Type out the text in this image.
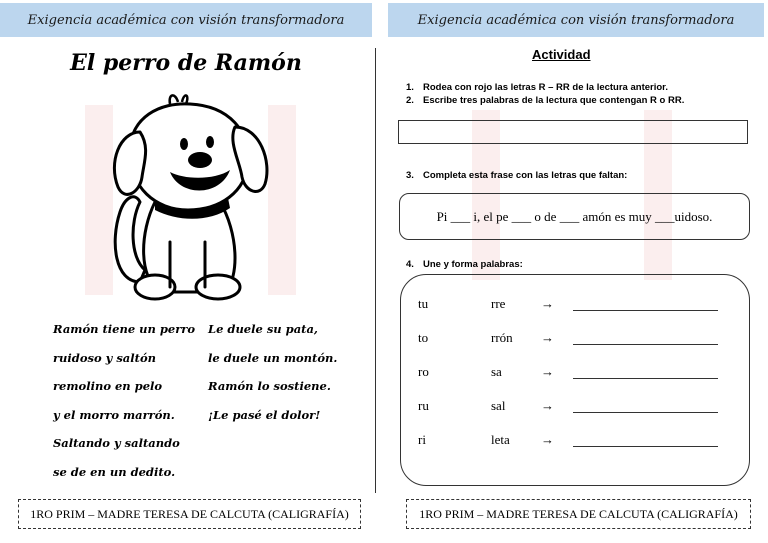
Exigencia académica con visión transformadora
El perro de Ramón
Ramón tiene un perro
ruidoso y saltón
remolino en pelo
y el morro marrón.
Saltando y saltando
se de en un dedito.
Le duele su pata,
le duele un montón.
Ramón lo sostiene.
¡Le pasé el dolor!
1RO PRIM – MADRE TERESA DE CALCUTA (CALIGRAFÍA)
Exigencia académica con visión transformadora
Actividad
1. Rodea con rojo las letras R – RR de la lectura anterior.
2. Escribe tres palabras de la lectura que contengan R o RR.
3. Completa esta frase con las letras que faltan:
Pi ___ i, el pe ___ o de ___ amón es muy ___uidoso.
4. Une y forma palabras:
tu	rre	→
to	rrón →
ro	sa	→
ru	sal	→
ri	leta →
1RO PRIM – MADRE TERESA DE CALCUTA (CALIGRAFÍA)
